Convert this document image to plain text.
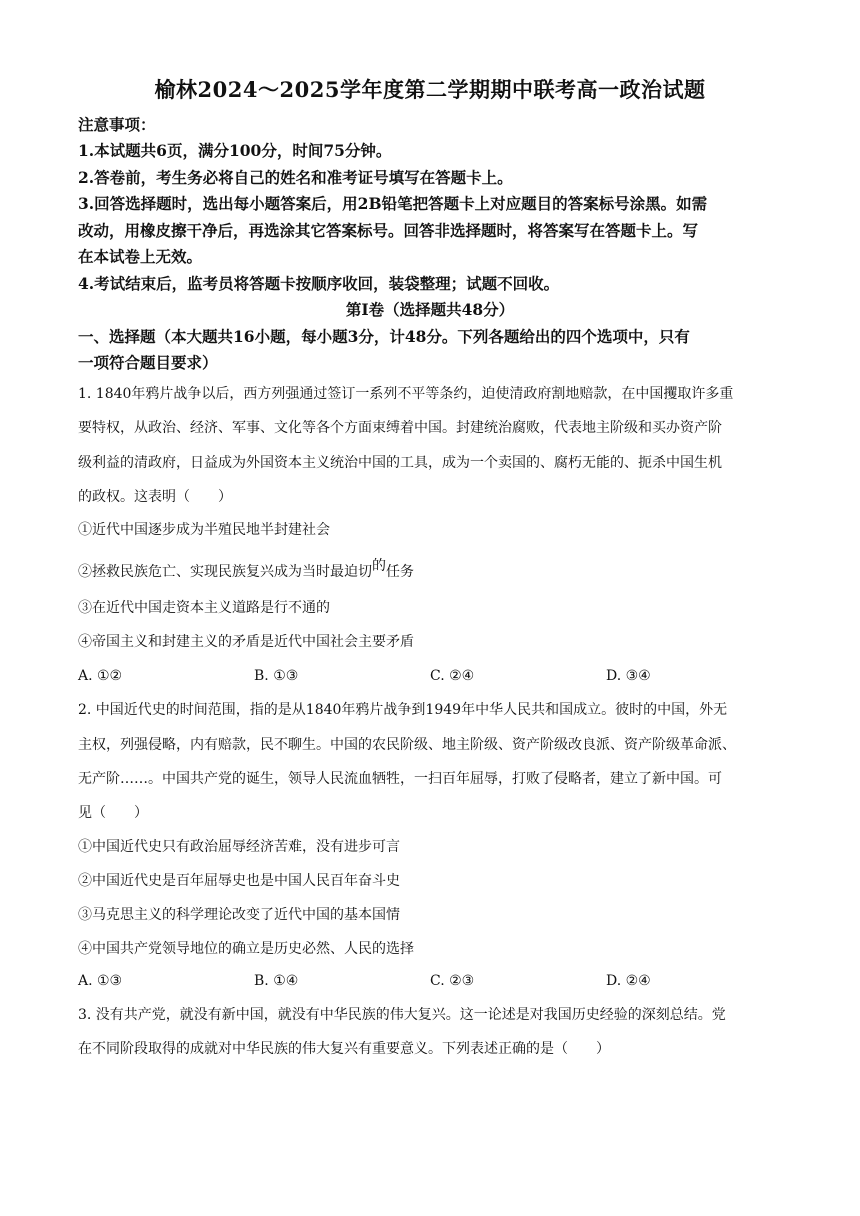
榆林2024～2025学年度第二学期期中联考高一政治试题
注意事项：
1.本试题共6页，满分100分，时间75分钟。
2.答卷前，考生务必将自己的姓名和准考证号填写在答题卡上。
3.回答选择题时，选出每小题答案后，用2B铅笔把答题卡上对应题目的答案标号涂黑。如需
改动，用橡皮擦干净后，再选涂其它答案标号。回答非选择题时，将答案写在答题卡上。写
在本试卷上无效。
4.考试结束后，监考员将答题卡按顺序收回，装袋整理；试题不回收。
第Ⅰ卷（选择题共48分）
一、选择题（本大题共16小题，每小题3分，计48分。下列各题给出的四个选项中，只有
一项符合题目要求）
1. 1840年鸦片战争以后，西方列强通过签订一系列不平等条约，迫使清政府割地赔款，在中国攫取许多重
要特权，从政治、经济、军事、文化等各个方面束缚着中国。封建统治腐败，代表地主阶级和买办资产阶
级利益的清政府，日益成为外国资本主义统治中国的工具，成为一个卖国的、腐朽无能的、扼杀中国生机
的政权。这表明（　　）
①近代中国逐步成为半殖民地半封建社会
②拯救民族危亡、实现民族复兴成为当时最迫切的任务
③在近代中国走资本主义道路是行不通的
④帝国主义和封建主义的矛盾是近代中国社会主要矛盾
A. ①②	B. ①③	C. ②④	D. ③④
2. 中国近代史的时间范围，指的是从1840年鸦片战争到1949年中华人民共和国成立。彼时的中国，外无
主权，列强侵略，内有赔款，民不聊生。中国的农民阶级、地主阶级、资产阶级改良派、资产阶级革命派、
无产阶……。中国共产党的诞生，领导人民流血牺牲，一扫百年屈辱，打败了侵略者，建立了新中国。可
见（　　）
①中国近代史只有政治屈辱经济苦难，没有进步可言
②中国近代史是百年屈辱史也是中国人民百年奋斗史
③马克思主义的科学理论改变了近代中国的基本国情
④中国共产党领导地位的确立是历史必然、人民的选择
A. ①③	B. ①④	C. ②③	D. ②④
3. 没有共产党，就没有新中国，就没有中华民族的伟大复兴。这一论述是对我国历史经验的深刻总结。党
在不同阶段取得的成就对中华民族的伟大复兴有重要意义。下列表述正确的是（　　）
